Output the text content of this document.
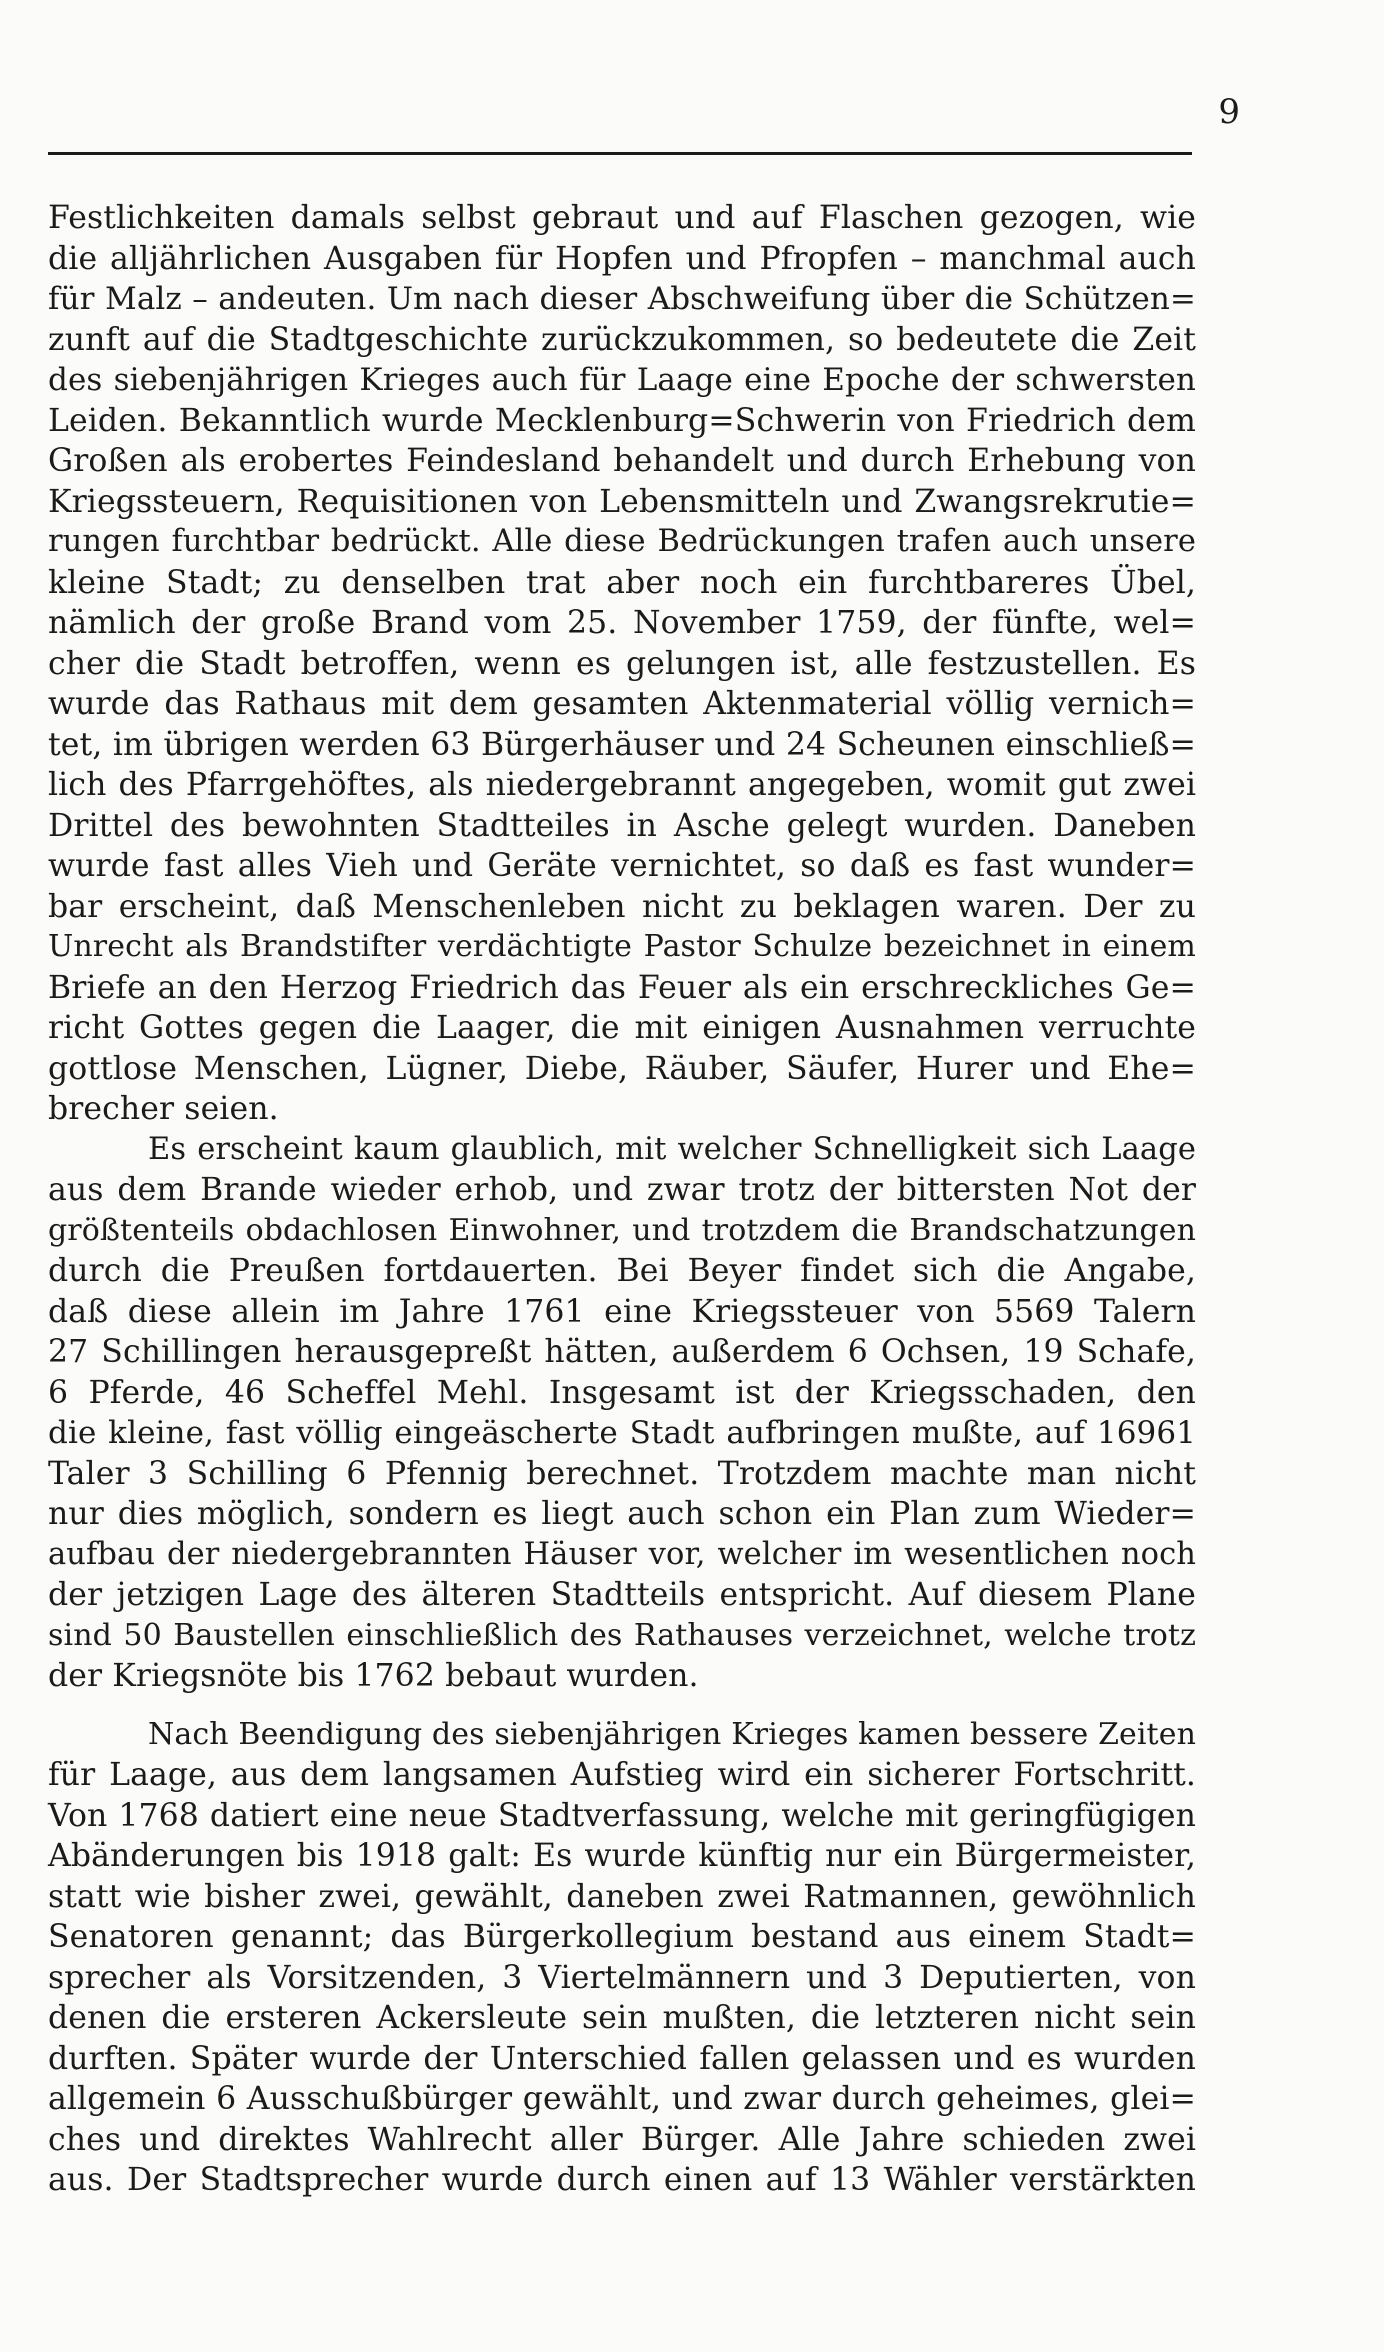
9
Festlichkeiten damals selbst gebraut und auf Flaschen gezogen, wie
die alljährlichen Ausgaben für Hopfen und Pfropfen – manchmal auch
für Malz – andeuten. Um nach dieser Abschweifung über die Schützen=
zunft auf die Stadtgeschichte zurückzukommen, so bedeutete die Zeit
des siebenjährigen Krieges auch für Laage eine Epoche der schwersten
Leiden. Bekanntlich wurde Mecklenburg=Schwerin von Friedrich dem
Großen als erobertes Feindesland behandelt und durch Erhebung von
Kriegssteuern, Requisitionen von Lebensmitteln und Zwangsrekrutie=
rungen furchtbar bedrückt. Alle diese Bedrückungen trafen auch unsere
kleine Stadt; zu denselben trat aber noch ein furchtbareres Übel,
nämlich der große Brand vom 25. November 1759, der fünfte, wel=
cher die Stadt betroffen, wenn es gelungen ist, alle festzustellen. Es
wurde das Rathaus mit dem gesamten Aktenmaterial völlig vernich=
tet, im übrigen werden 63 Bürgerhäuser und 24 Scheunen einschließ=
lich des Pfarrgehöftes, als niedergebrannt angegeben, womit gut zwei
Drittel des bewohnten Stadtteiles in Asche gelegt wurden. Daneben
wurde fast alles Vieh und Geräte vernichtet, so daß es fast wunder=
bar erscheint, daß Menschenleben nicht zu beklagen waren. Der zu
Unrecht als Brandstifter verdächtigte Pastor Schulze bezeichnet in einem
Briefe an den Herzog Friedrich das Feuer als ein erschreckliches Ge=
richt Gottes gegen die Laager, die mit einigen Ausnahmen verruchte
gottlose Menschen, Lügner, Diebe, Räuber, Säufer, Hurer und Ehe=
brecher seien.
Es erscheint kaum glaublich, mit welcher Schnelligkeit sich Laage
aus dem Brande wieder erhob, und zwar trotz der bittersten Not der
größtenteils obdachlosen Einwohner, und trotzdem die Brandschatzungen
durch die Preußen fortdauerten. Bei Beyer findet sich die Angabe,
daß diese allein im Jahre 1761 eine Kriegssteuer von 5569 Talern
27 Schillingen herausgepreßt hätten, außerdem 6 Ochsen, 19 Schafe,
6 Pferde, 46 Scheffel Mehl. Insgesamt ist der Kriegsschaden, den
die kleine, fast völlig eingeäscherte Stadt aufbringen mußte, auf 16961
Taler 3 Schilling 6 Pfennig berechnet. Trotzdem machte man nicht
nur dies möglich, sondern es liegt auch schon ein Plan zum Wieder=
aufbau der niedergebrannten Häuser vor, welcher im wesentlichen noch
der jetzigen Lage des älteren Stadtteils entspricht. Auf diesem Plane
sind 50 Baustellen einschließlich des Rathauses verzeichnet, welche trotz
der Kriegsnöte bis 1762 bebaut wurden.
Nach Beendigung des siebenjährigen Krieges kamen bessere Zeiten
für Laage, aus dem langsamen Aufstieg wird ein sicherer Fortschritt.
Von 1768 datiert eine neue Stadtverfassung, welche mit geringfügigen
Abänderungen bis 1918 galt: Es wurde künftig nur ein Bürgermeister,
statt wie bisher zwei, gewählt, daneben zwei Ratmannen, gewöhnlich
Senatoren genannt; das Bürgerkollegium bestand aus einem Stadt=
sprecher als Vorsitzenden, 3 Viertelmännern und 3 Deputierten, von
denen die ersteren Ackersleute sein mußten, die letzteren nicht sein
durften. Später wurde der Unterschied fallen gelassen und es wurden
allgemein 6 Ausschußbürger gewählt, und zwar durch geheimes, glei=
ches und direktes Wahlrecht aller Bürger. Alle Jahre schieden zwei
aus. Der Stadtsprecher wurde durch einen auf 13 Wähler verstärkten
